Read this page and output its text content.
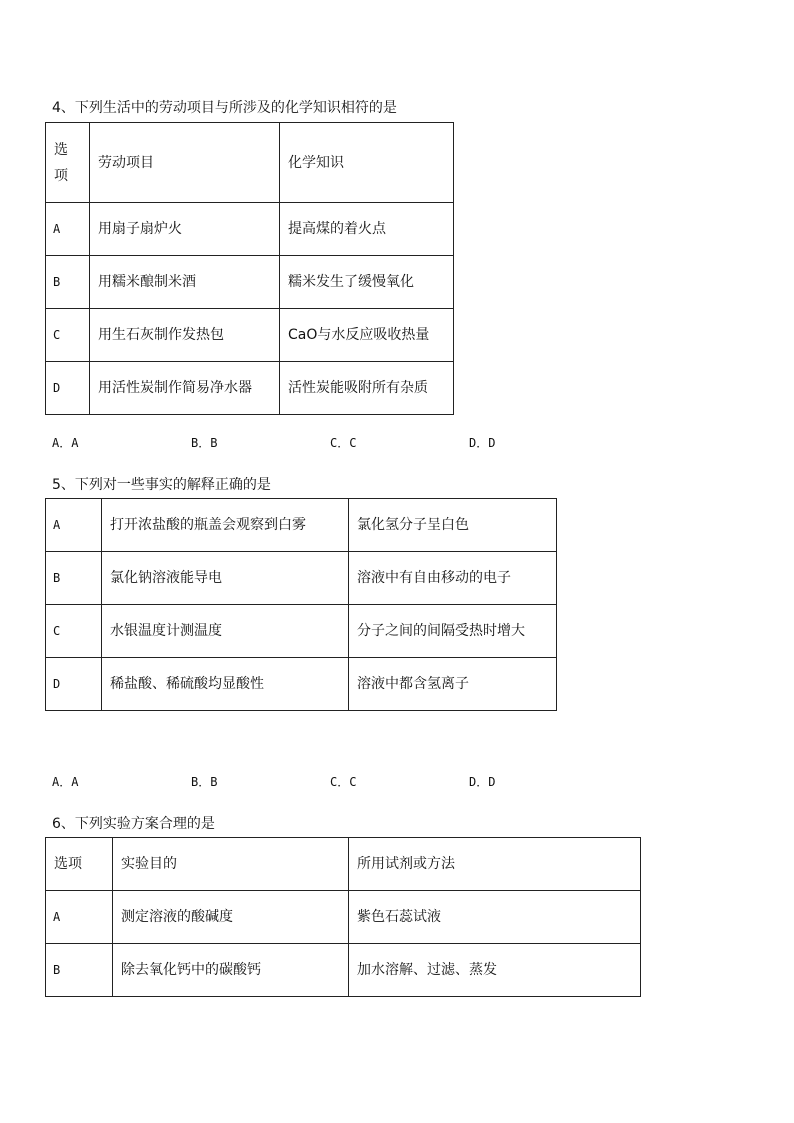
4、下列生活中的劳动项目与所涉及的化学知识相符的是
选项	劳动项目	化学知识
A	用扇子扇炉火	提高煤的着火点
B	用糯米酿制米酒	糯米发生了缓慢氧化
C	用生石灰制作发热包	CaO与水反应吸收热量
D	用活性炭制作简易净水器	活性炭能吸附所有杂质
A．A	B．B	C．C	D．D
5、下列对一些事实的解释正确的是
A	打开浓盐酸的瓶盖会观察到白雾	氯化氢分子呈白色
B	氯化钠溶液能导电	溶液中有自由移动的电子
C	水银温度计测温度	分子之间的间隔受热时增大
D	稀盐酸、稀硫酸均显酸性	溶液中都含氢离子
A．A	B．B	C．C	D．D
6、下列实验方案合理的是
选项	实验目的	所用试剂或方法
A	测定溶液的酸碱度	紫色石蕊试液
B	除去氧化钙中的碳酸钙	加水溶解、过滤、蒸发
